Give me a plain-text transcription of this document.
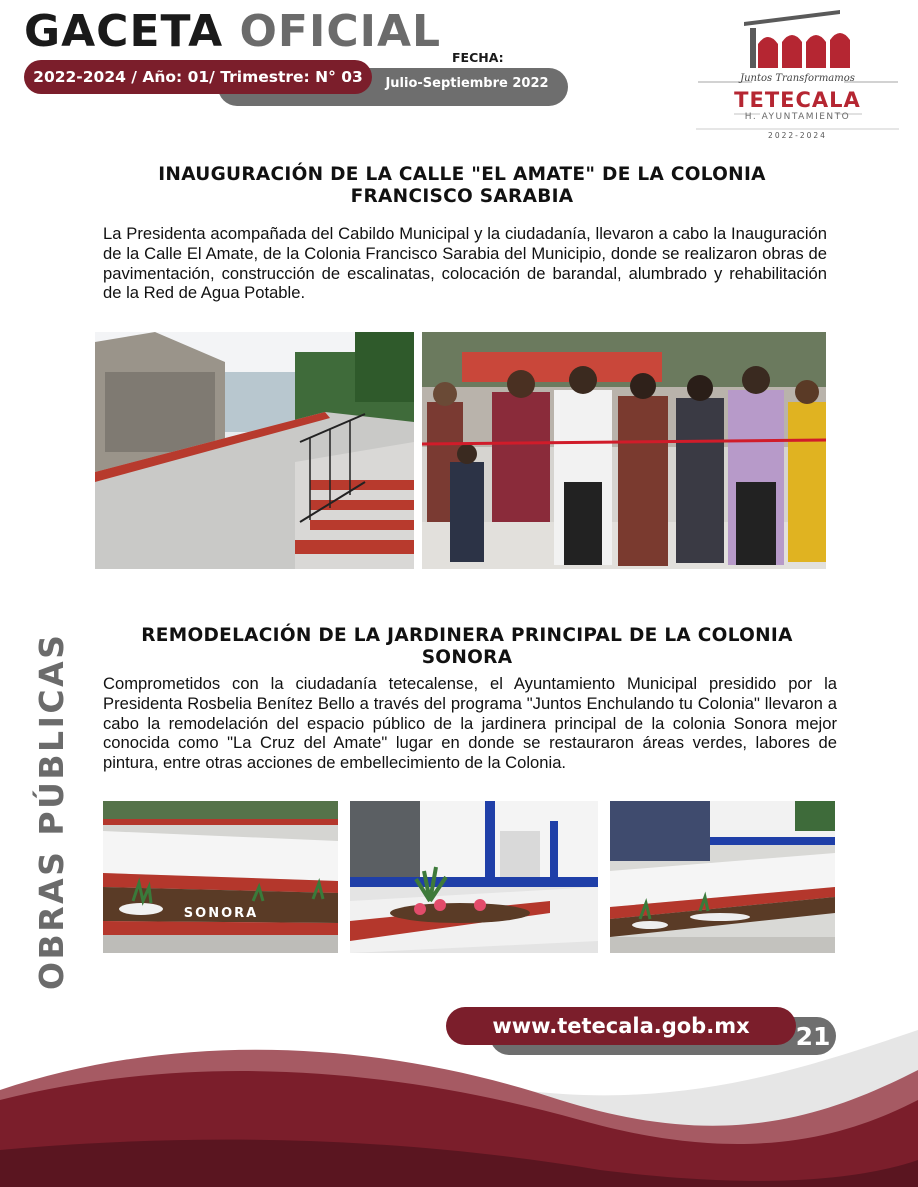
GACETA OFICIAL
Julio-Septiembre 2022
2022-2024 / Año: 01/ Trimestre: N° 03
FECHA:
Juntos Transformamos
TETECALA
H. AYUNTAMIENTO
2022-2024
INAUGURACIÓN DE LA CALLE "EL AMATE" DE LA COLONIA FRANCISCO SARABIA
La Presidenta acompañada del Cabildo Municipal y la ciudadanía, llevaron a cabo la Inauguración de la Calle El Amate, de la Colonia Francisco Sarabia del Municipio, donde se realizaron obras de pavimentación, construcción de escalinatas, colocación de barandal, alumbrado y rehabilitación de la Red de Agua Potable.
REMODELACIÓN DE LA JARDINERA PRINCIPAL DE LA COLONIA SONORA
Comprometidos con la ciudadanía tetecalense, el Ayuntamiento Municipal presidido por la Presidenta Rosbelia Benítez Bello a través del programa "Juntos Enchulando tu Colonia" llevaron a cabo la remodelación del espacio público de la jardinera principal de la colonia Sonora mejor conocida como "La Cruz del Amate" lugar en donde se restauraron áreas verdes, labores de pintura, entre otras acciones de embellecimiento de la Colonia.
SONORA
OBRAS PÚBLICAS
www.tetecala.gob.mx	21
